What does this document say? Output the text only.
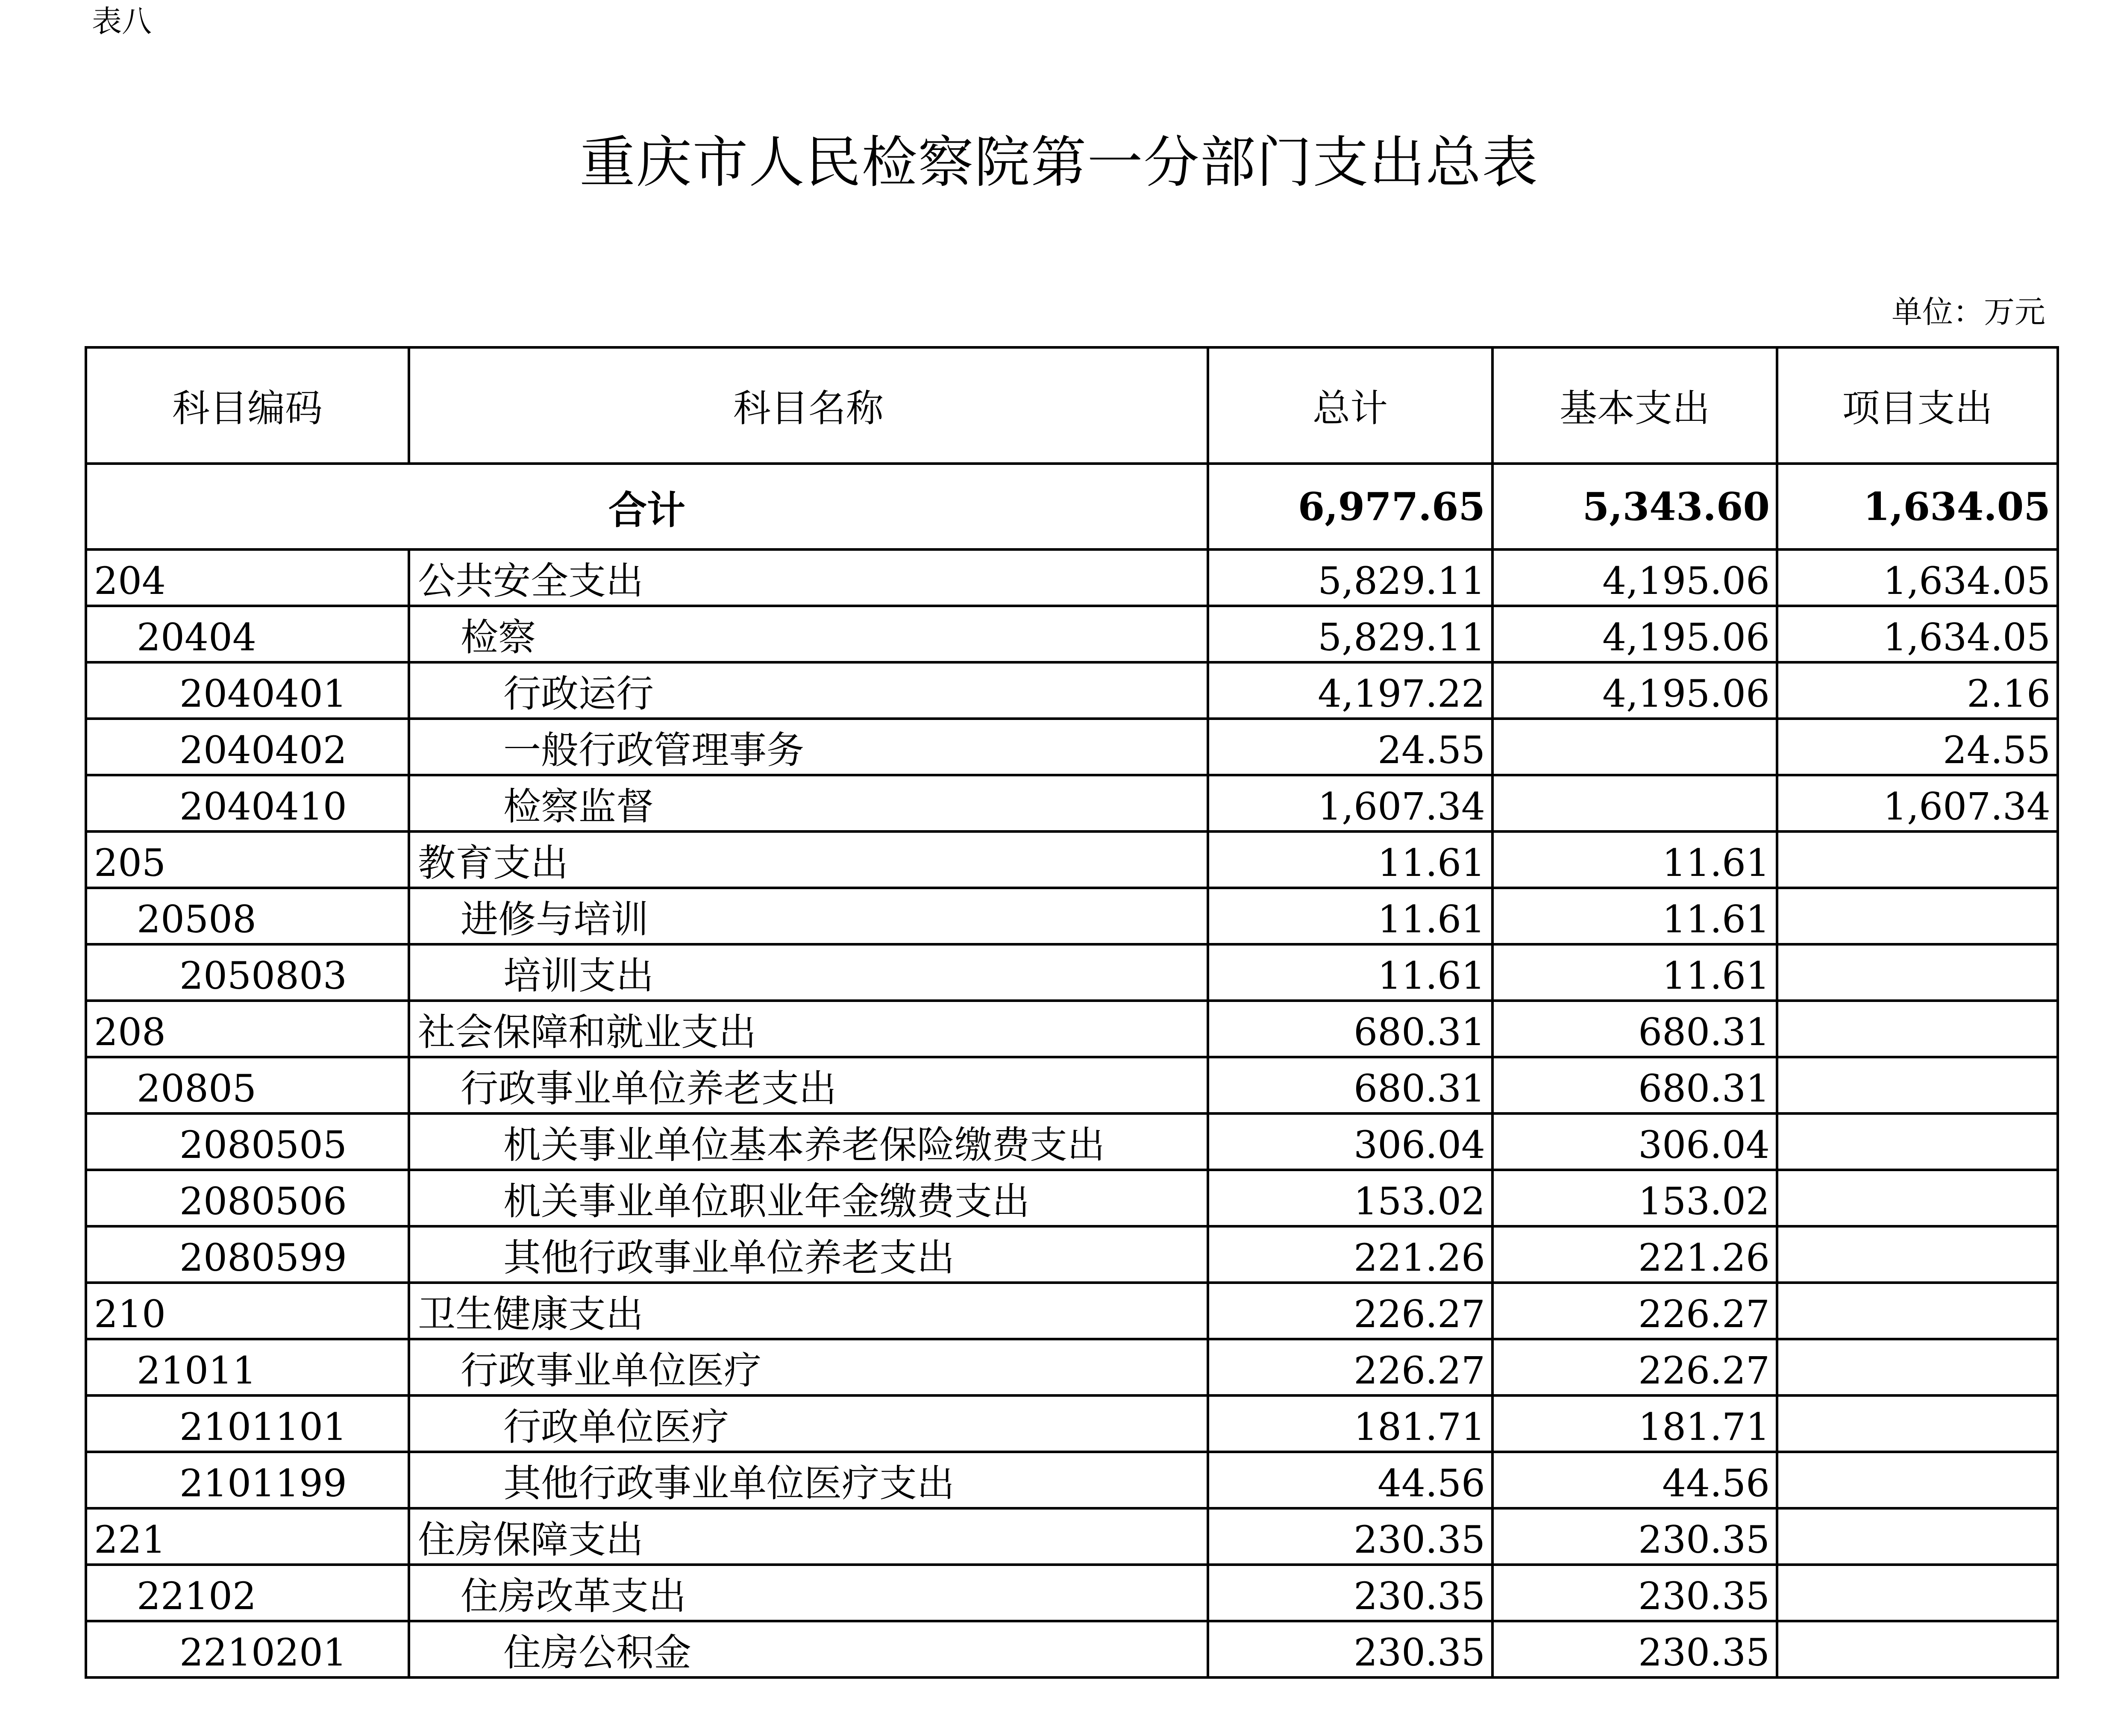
表八
重庆市人民检察院第一分部门支出总表
单位：万元
科目编码	科目名称	总计	基本支出	项目支出
合计		6,977.65	5,343.60	1,634.05
204	公共安全支出	5,829.11	4,195.06	1,634.05
20404	检察	5,829.11	4,195.06	1,634.05
2040401	行政运行	4,197.22	4,195.06	2.16
2040402	一般行政管理事务	24.55		24.55
2040410	检察监督	1,607.34		1,607.34
205	教育支出	11.61	11.61	
20508	进修与培训	11.61	11.61	
2050803	培训支出	11.61	11.61	
208	社会保障和就业支出	680.31	680.31	
20805	行政事业单位养老支出	680.31	680.31	
2080505	机关事业单位基本养老保险缴费支出	306.04	306.04	
2080506	机关事业单位职业年金缴费支出	153.02	153.02	
2080599	其他行政事业单位养老支出	221.26	221.26	
210	卫生健康支出	226.27	226.27	
21011	行政事业单位医疗	226.27	226.27	
2101101	行政单位医疗	181.71	181.71	
2101199	其他行政事业单位医疗支出	44.56	44.56	
221	住房保障支出	230.35	230.35	
22102	住房改革支出	230.35	230.35	
2210201	住房公积金	230.35	230.35	
